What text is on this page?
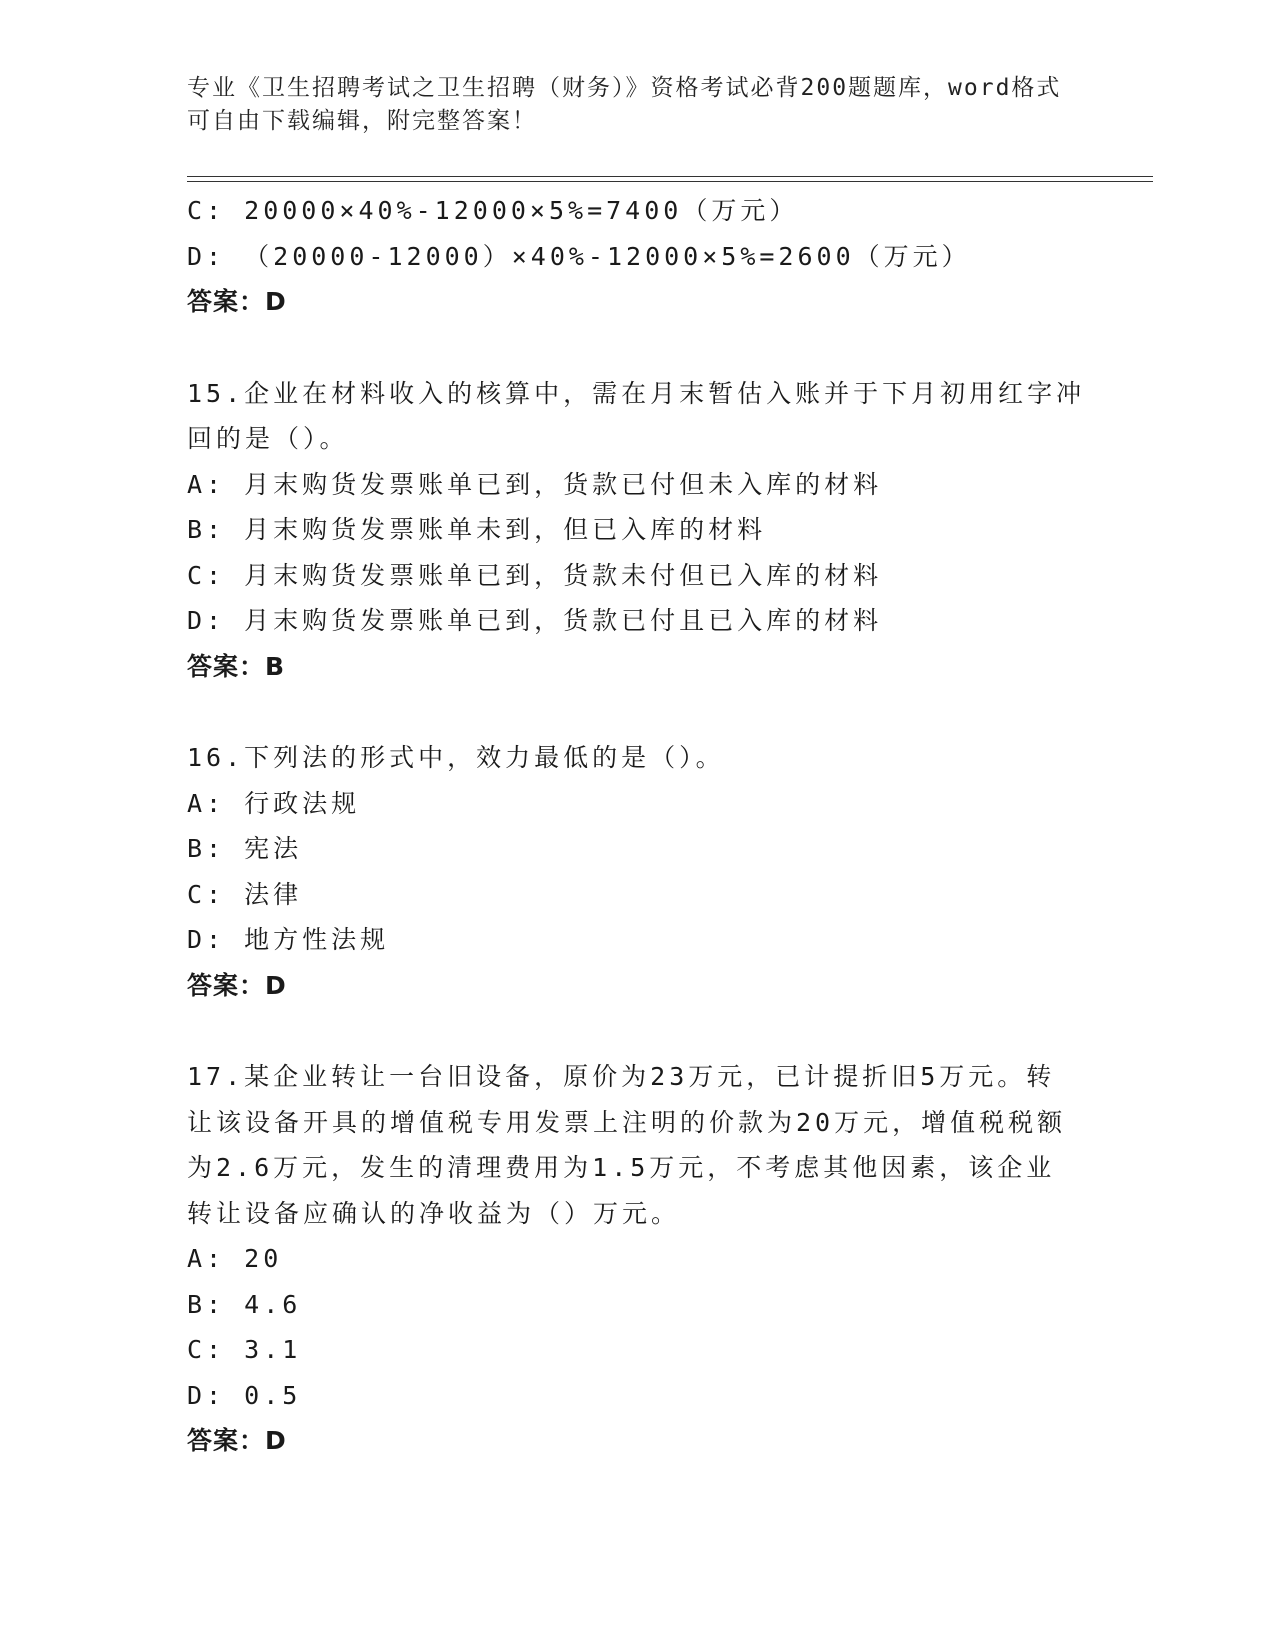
专业《卫生招聘考试之卫生招聘（财务）》资格考试必背200题题库，word格式
可自由下载编辑，附完整答案！
C: 20000×40%-12000×5%=7400（万元）
D: （20000-12000）×40%-12000×5%=2600（万元）
答案：D
15.企业在材料收入的核算中，需在月末暂估入账并于下月初用红字冲
回的是（）。
A: 月末购货发票账单已到，货款已付但未入库的材料
B: 月末购货发票账单未到，但已入库的材料
C: 月末购货发票账单已到，货款未付但已入库的材料
D: 月末购货发票账单已到，货款已付且已入库的材料
答案：B
16.下列法的形式中，效力最低的是（）。
A: 行政法规
B: 宪法
C: 法律
D: 地方性法规
答案：D
17.某企业转让一台旧设备，原价为23万元，已计提折旧5万元。转
让该设备开具的增值税专用发票上注明的价款为20万元，增值税税额
为2.6万元，发生的清理费用为1.5万元，不考虑其他因素，该企业
转让设备应确认的净收益为（）万元。
A: 20
B: 4.6
C: 3.1
D: 0.5
答案：D
